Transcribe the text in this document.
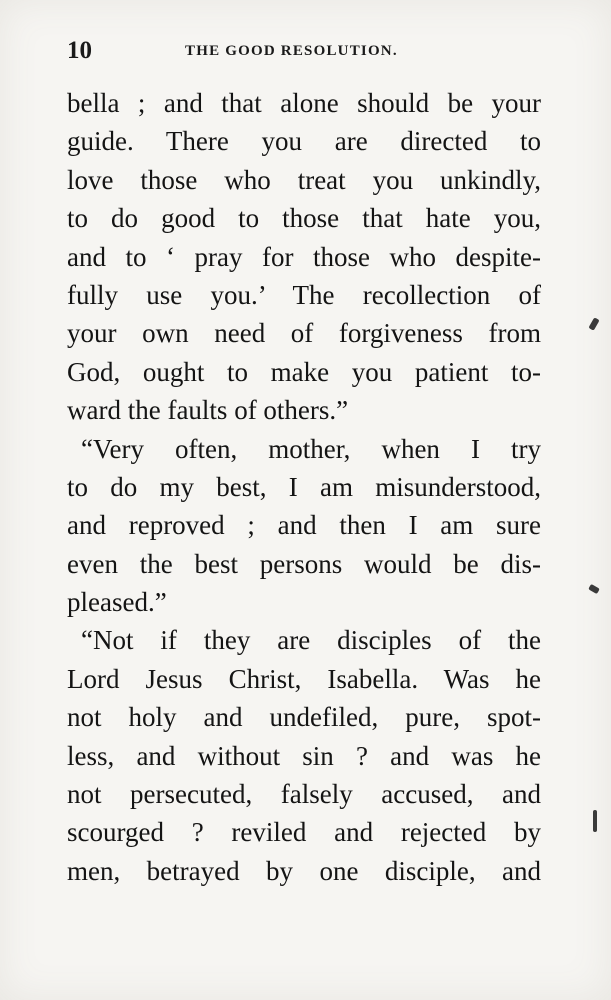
10	THE GOOD RESOLUTION.
bella ; and that alone should be your
guide. There you are directed to
love those who treat you unkindly,
to do good to those that hate you,
and to ‘ pray for those who despite-
fully use you.’ The recollection of
your own need of forgiveness from
God, ought to make you patient to-
ward the faults of others.”
“Very often, mother, when I try
to do my best, I am misunderstood,
and reproved ; and then I am sure
even the best persons would be dis-
pleased.”
“Not if they are disciples of the
Lord Jesus Christ, Isabella. Was he
not holy and undefiled, pure, spot-
less, and without sin ? and was he
not persecuted, falsely accused, and
scourged ? reviled and rejected by
men, betrayed by one disciple, and
